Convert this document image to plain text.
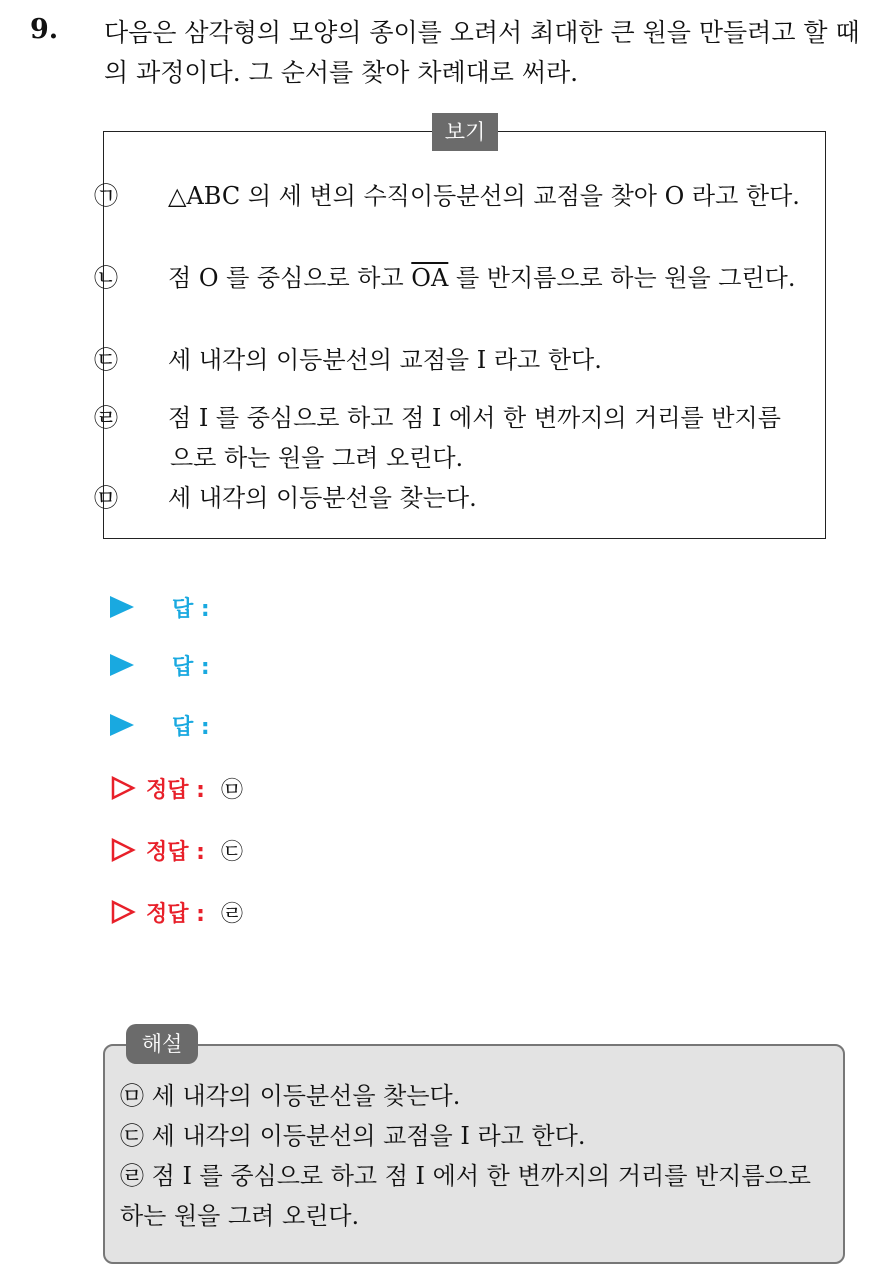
9. 다음은 삼각형의 모양의 종이를 오려서 최대한 큰 원을 만들려고 할 때의 과정이다. 그 순서를 찾아 차례대로 써라.
보기
㉠ △ABC 의 세 변의 수직이등분선의 교점을 찾아 O 라고 한다.
㉡ 점 O 를 중심으로 하고 $\overline{OA}$ 를 반지름으로 하는 원을 그린다.
㉢ 세 내각의 이등분선의 교점을 I 라고 한다.
㉣ 점 I 를 중심으로 하고 점 I 에서 한 변까지의 거리를 반지름으로 하는 원을 그려 오린다.
㉤ 세 내각의 이등분선을 찾는다.
답 :
답 :
답 :
정답 : ㉤
정답 : ㉢
정답 : ㉣
해설
㉤ 세 내각의 이등분선을 찾는다.
㉢ 세 내각의 이등분선의 교점을 I 라고 한다.
㉣ 점 I 를 중심으로 하고 점 I 에서 한 변까지의 거리를 반지름으로 하는 원을 그려 오린다.
